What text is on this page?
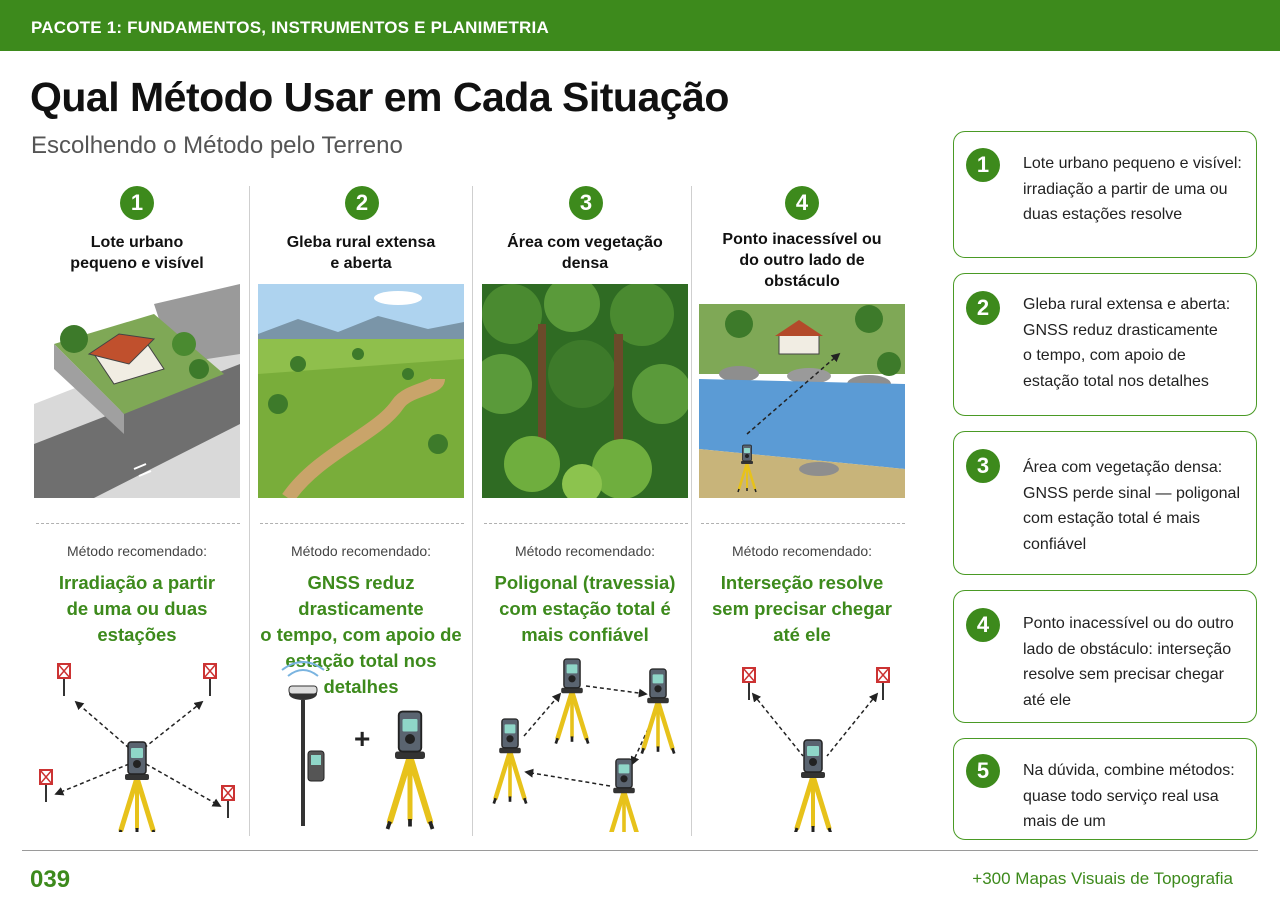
PACOTE 1: FUNDAMENTOS, INSTRUMENTOS E PLANIMETRIA
Qual Método Usar em Cada Situação
Escolhendo o Método pelo Terreno
1
Lote urbano
pequeno e visível
Método recomendado:
Irradiação a partir
de uma ou duas
estações
2
Gleba rural extensa
e aberta
Método recomendado:
GNSS reduz drasticamente
o tempo, com apoio de
estação total nos detalhes
+
3
Área com vegetação
densa
Método recomendado:
Poligonal (travessia)
com estação total é
mais confiável
4
Ponto inacessível ou
do outro lado de
obstáculo
Método recomendado:
Interseção resolve
sem precisar chegar
até ele
1	Lote urbano pequeno e visível:
irradiação a partir de uma ou
duas estações resolve
2	Gleba rural extensa e aberta:
GNSS reduz drasticamente
o tempo, com apoio de
estação total nos detalhes
3	Área com vegetação densa:
GNSS perde sinal — poligonal
com estação total é mais
confiável
4	Ponto inacessível ou do outro
lado de obstáculo: interseção
resolve sem precisar chegar
até ele
5	Na dúvida, combine métodos:
quase todo serviço real usa
mais de um
039	+300 Mapas Visuais de Topografia
